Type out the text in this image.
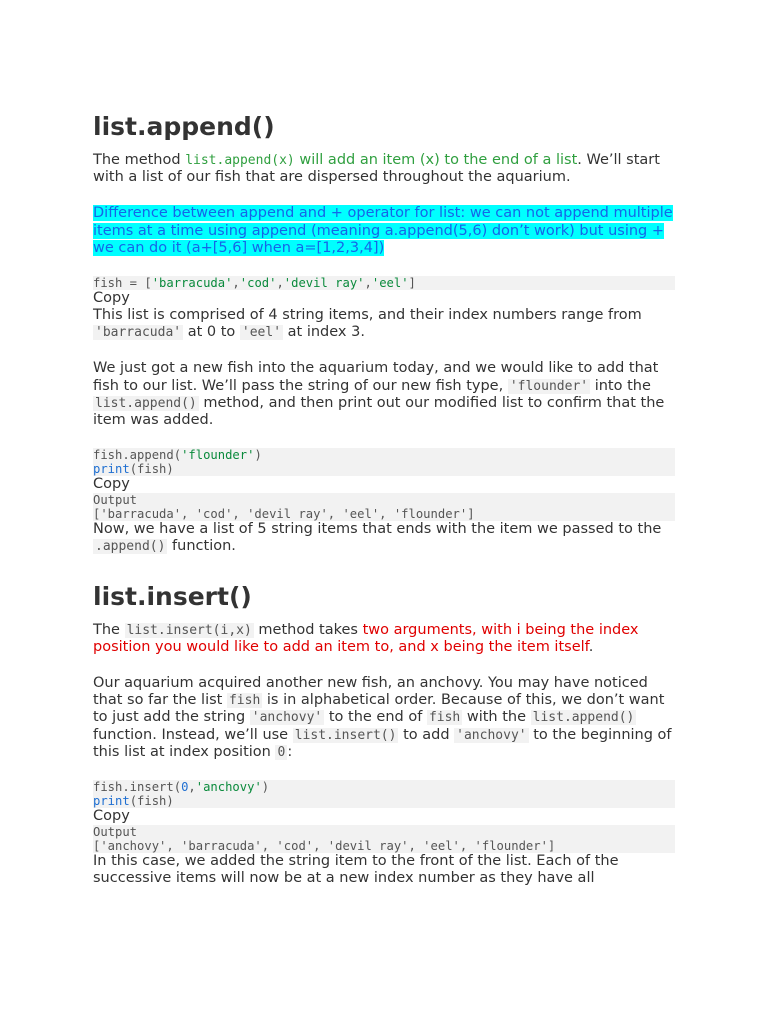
list.append()

The method list.append(x) will add an item (x) to the end of a list. We’ll start with a list of our fish that are dispersed throughout the aquarium.

Difference between append and + operator for list: we can not append multiple items at a time using append (meaning a.append(5,6) don’t work) but using + we can do it (a+[5,6] when a=[1,2,3,4])

fish = ['barracuda','cod','devil ray','eel']
Copy

This list is comprised of 4 string items, and their index numbers range from 'barracuda' at 0 to 'eel' at index 3.

We just got a new fish into the aquarium today, and we would like to add that fish to our list. We’ll pass the string of our new fish type, 'flounder' into the list.append() method, and then print out our modified list to confirm that the item was added.

fish.append('flounder')
print(fish)
Copy
Output
['barracuda', 'cod', 'devil ray', 'eel', 'flounder']

Now, we have a list of 5 string items that ends with the item we passed to the .append() function.

list.insert()

The list.insert(i,x) method takes two arguments, with i being the index position you would like to add an item to, and x being the item itself.

Our aquarium acquired another new fish, an anchovy. You may have noticed that so far the list fish is in alphabetical order. Because of this, we don’t want to just add the string 'anchovy' to the end of fish with the list.append() function. Instead, we’ll use list.insert() to add 'anchovy' to the beginning of this list at index position 0 :

fish.insert(0,'anchovy')
print(fish)
Copy
Output
['anchovy', 'barracuda', 'cod', 'devil ray', 'eel', 'flounder']

In this case, we added the string item to the front of the list. Each of the successive items will now be at a new index number as they have all
